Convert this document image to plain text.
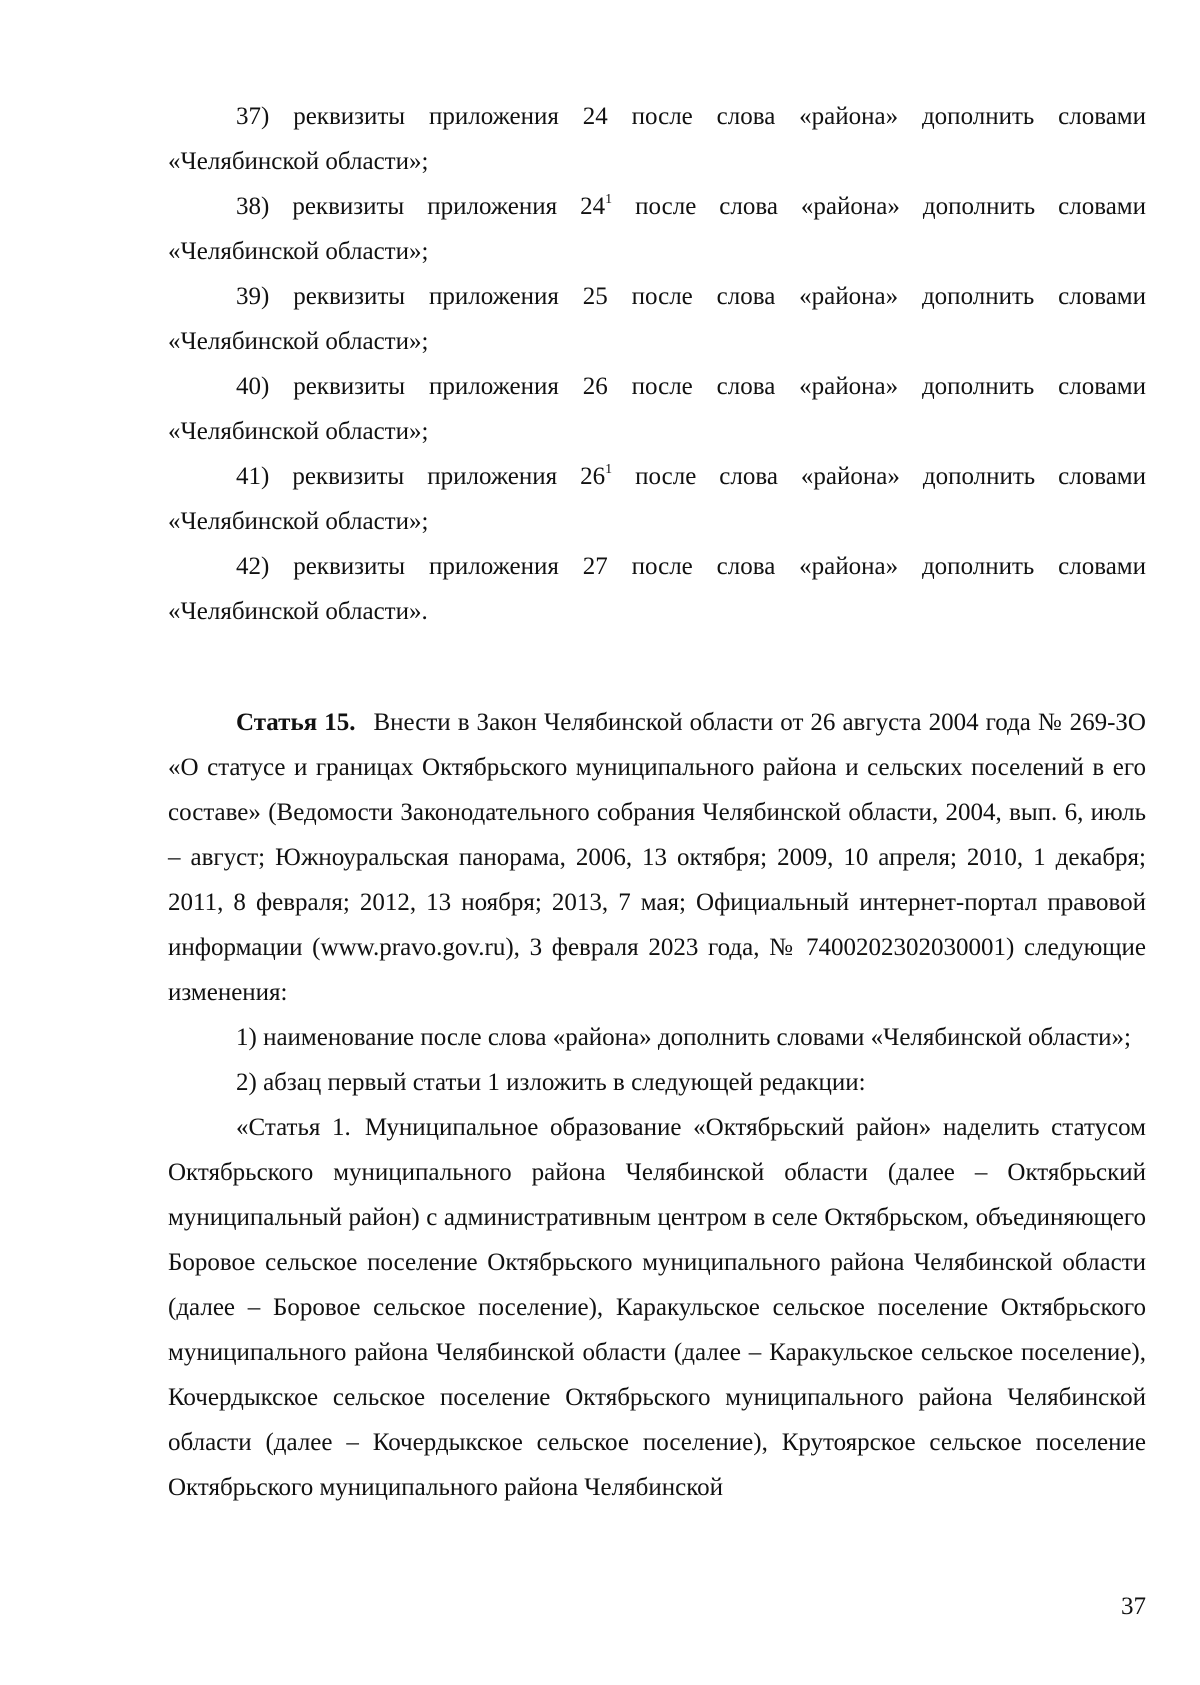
37) реквизиты приложения 24 после слова «района» дополнить словами «Челябинской области»;

38) реквизиты приложения $24^1$ после слова «района» дополнить словами «Челябинской области»;

39) реквизиты приложения 25 после слова «района» дополнить словами «Челябинской области»;

40) реквизиты приложения 26 после слова «района» дополнить словами «Челябинской области»;

41) реквизиты приложения $26^1$ после слова «района» дополнить словами «Челябинской области»;

42) реквизиты приложения 27 после слова «района» дополнить словами «Челябинской области».

Статья 15. Внести в Закон Челябинской области от 26 августа 2004 года № 269-ЗО «О статусе и границах Октябрьского муниципального района и сельских поселений в его составе» (Ведомости Законодательного собрания Челябинской области, 2004, вып. 6, июль – август; Южноуральская панорама, 2006, 13 октября; 2009, 10 апреля; 2010, 1 декабря; 2011, 8 февраля; 2012, 13 ноября; 2013, 7 мая; Официальный интернет-портал правовой информации (www.pravo.gov.ru), 3 февраля 2023 года, № 7400202302030001) следующие изменения:

1) наименование после слова «района» дополнить словами «Челябинской области»;

2) абзац первый статьи 1 изложить в следующей редакции:

«Статья 1. Муниципальное образование «Октябрьский район» наделить статусом Октябрьского муниципального района Челябинской области (далее – Октябрьский муниципальный район) с административным центром в селе Октябрьском, объединяющего Боровое сельское поселение Октябрьского муниципального района Челябинской области (далее – Боровое сельское поселение), Каракульское сельское поселение Октябрьского муниципального района Челябинской области (далее – Каракульское сельское поселение), Кочердыкское сельское поселение Октябрьского муниципального района Челябинской области (далее – Кочердыкское сельское поселение), Крутоярское сельское поселение Октябрьского муниципального района Челябинской

37
